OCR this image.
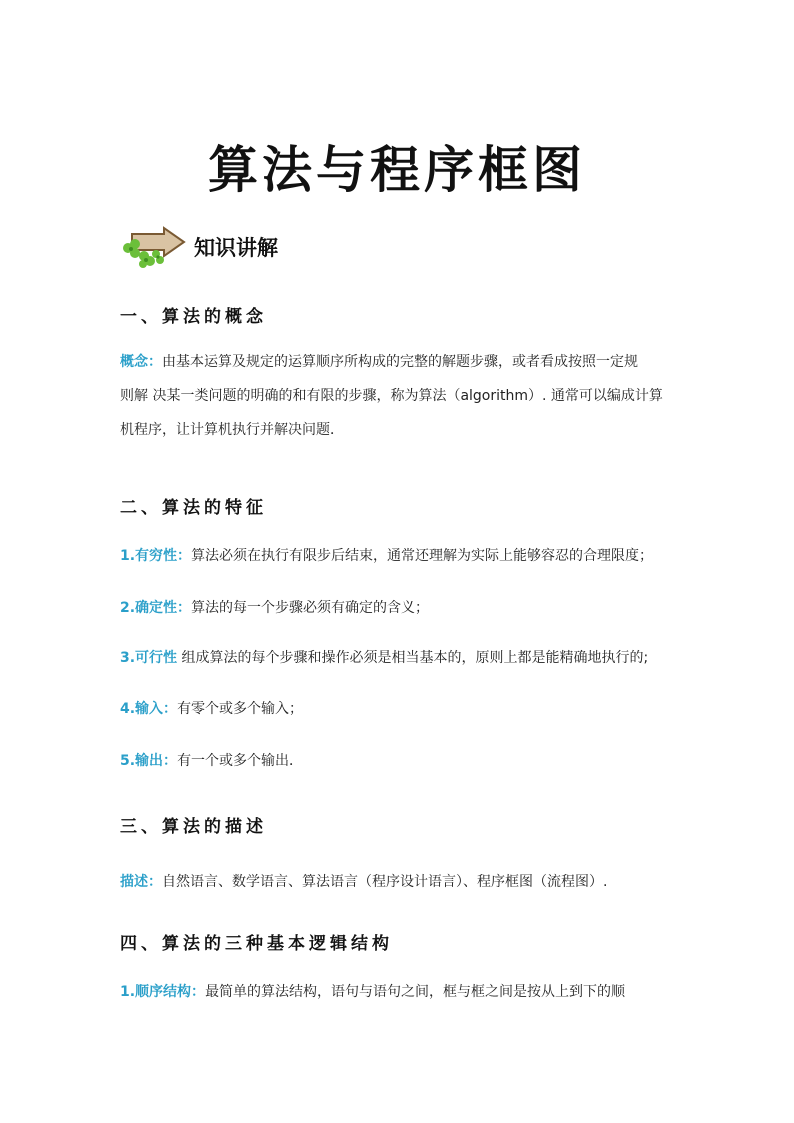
算法与程序框图
知识讲解
一、算法的概念
概念：由基本运算及规定的运算顺序所构成的完整的解题步骤，或者看成按照一定规
则解 决某一类问题的明确的和有限的步骤，称为算法（algorithm）. 通常可以编成计算
机程序，让计算机执行并解决问题．
二、算法的特征
1.有穷性：算法必须在执行有限步后结束，通常还理解为实际上能够容忍的合理限度；
2.确定性：算法的每一个步骤必须有确定的含义；
3.可行性 组成算法的每个步骤和操作必须是相当基本的，原则上都是能精确地执行的;
4.输入：有零个或多个输入；
5.输出：有一个或多个输出．
三、算法的描述
描述：自然语言、数学语言、算法语言（程序设计语言）、程序框图（流程图）.
四、算法的三种基本逻辑结构
1.顺序结构：最简单的算法结构，语句与语句之间，框与框之间是按从上到下的顺
